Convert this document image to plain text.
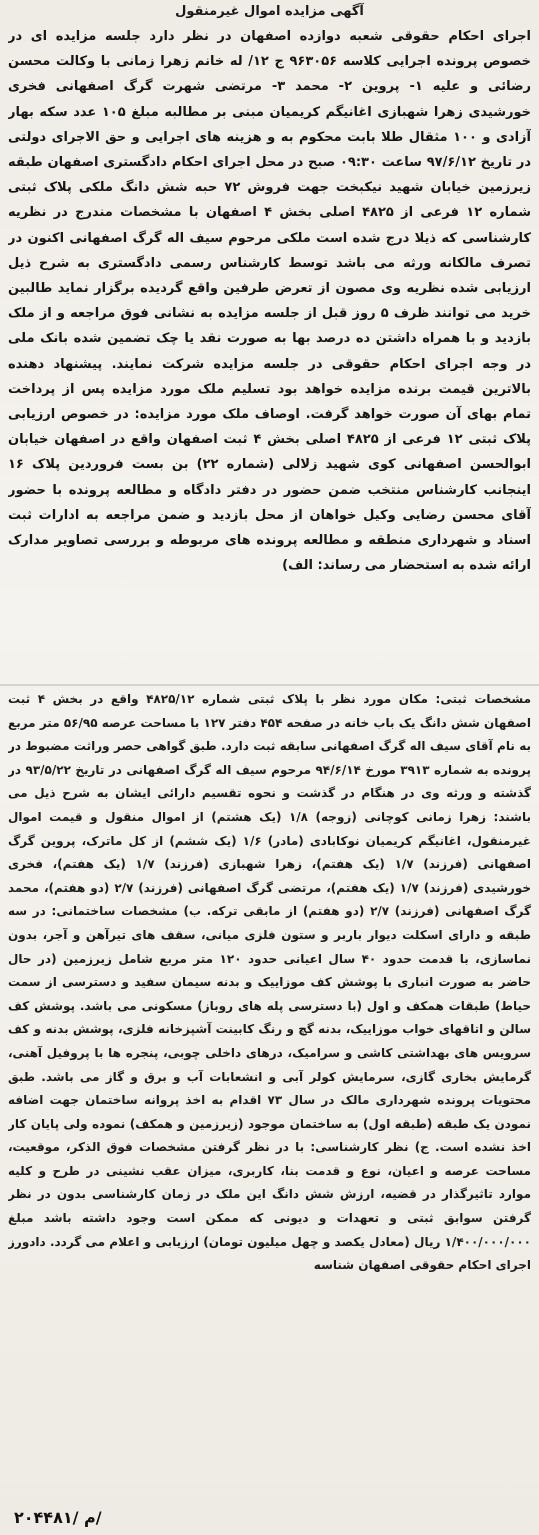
آگهی مزایده اموال غیرمنقول

اجرای احکام حقوقی شعبه دوازده اصفهان در نظر دارد جلسه مزایده ای در خصوص پرونده اجرایی کلاسه ۹۶۳۰۵۶ ج ۱۲/ له خانم زهرا زمانی با وکالت محسن رضائی و علیه ۱- پروین ۲- محمد ۳- مرتضی شهرت گرگ اصفهانی فخری خورشیدی زهرا شهبازی اغانیگم کریمیان مبنی بر مطالبه مبلغ ۱۰۵ عدد سکه بهار آزادی و ۱۰۰ مثقال طلا بابت محکوم به و هزینه های اجرایی و حق الاجرای دولتی در تاریخ ۹۷/۶/۱۲ ساعت ۰۹:۳۰ صبح در محل اجرای احکام دادگستری اصفهان طبقه زیرزمین خیابان شهید نیکبخت جهت فروش ۷۲ حبه شش دانگ ملکی پلاک ثبتی شماره ۱۲ فرعی از ۴۸۲۵ اصلی بخش ۴ اصفهان با مشخصات مندرج در نظریه کارشناسی که ذیلا درج شده است ملکی مرحوم سیف اله گرگ اصفهانی اکنون در تصرف مالکانه ورثه می باشد توسط کارشناس رسمی دادگستری به شرح ذیل ارزیابی شده نظریه وی مصون از تعرض طرفین واقع گردیده برگزار نماید طالبین خرید می توانند ظرف ۵ روز قبل از جلسه مزایده به نشانی فوق مراجعه و از ملک بازدید و با همراه داشتن ده درصد بها به صورت نقد یا چک تضمین شده بانک ملی در وجه اجرای احکام حقوقی در جلسه مزایده شرکت نمایند. پیشنهاد دهنده بالاترین قیمت برنده مزایده خواهد بود تسلیم ملک مورد مزایده پس از پرداخت تمام بهای آن صورت خواهد گرفت. اوصاف ملک مورد مزایده: در خصوص ارزیابی پلاک ثبتی ۱۲ فرعی از ۴۸۲۵ اصلی بخش ۴ ثبت اصفهان واقع در اصفهان خیابان ابوالحسن اصفهانی کوی شهید زلالی (شماره ۲۲) بن بست فروردین پلاک ۱۶ اینجانب کارشناس منتخب ضمن حضور در دفتر دادگاه و مطالعه پرونده با حضور آقای محسن رضایی وکیل خواهان از محل بازدید و ضمن مراجعه به ادارات ثبت اسناد و شهرداری منطقه و مطالعه پرونده های مربوطه و بررسی تصاویر مدارک ارائه شده به استحضار می رساند: الف)

مشخصات ثبتی: مکان مورد نظر با پلاک ثبتی شماره ۴۸۲۵/۱۲ واقع در بخش ۴ ثبت اصفهان شش دانگ یک باب خانه در صفحه ۴۵۴ دفتر ۱۲۷ با مساحت عرصه ۵۶/۹۵ متر مربع به نام آقای سیف اله گرگ اصفهانی سابقه ثبت دارد. طبق گواهی حصر وراثت مضبوط در پرونده به شماره ۳۹۱۳ مورخ ۹۴/۶/۱۴ مرحوم سیف اله گرگ اصفهانی در تاریخ ۹۳/۵/۲۲ در گذشته و ورثه وی در هنگام در گذشت و نحوه تقسیم دارائی ایشان به شرح ذیل می باشند: زهرا زمانی کوچانی (زوجه) ۱/۸ (یک هشتم) از اموال منقول و قیمت اموال غیرمنقول، اغانیگم کریمیان نوکابادی (مادر) ۱/۶ (یک ششم) از کل ماترک، پروین گرگ اصفهانی (فرزند) ۱/۷ (یک هفتم)، زهرا شهبازی (فرزند) ۱/۷ (یک هفتم)، فخری خورشیدی (فرزند) ۱/۷ (یک هفتم)، مرتضی گرگ اصفهانی (فرزند) ۲/۷ (دو هفتم)، محمد گرگ اصفهانی (فرزند) ۲/۷ (دو هفتم) از مابقی ترکه. ب) مشخصات ساختمانی: در سه طبقه و دارای اسکلت دیوار باربر و ستون فلزی میانی، سقف های تیرآهن و آجر، بدون نماسازی، با قدمت حدود ۴۰ سال اعیانی حدود ۱۲۰ متر مربع شامل زیرزمین (در حال حاضر به صورت انباری با پوشش کف موزاییک و بدنه سیمان سفید و دسترسی از سمت حیاط) طبقات همکف و اول (با دسترسی پله های روباز) مسکونی می باشد. پوشش کف سالن و اتاقهای خواب موزاییک، بدنه گچ و رنگ کابینت آشپزخانه فلزی، پوشش بدنه و کف سرویس های بهداشتی کاشی و سرامیک، درهای داخلی چوبی، پنجره ها با پروفیل آهنی، گرمایش بخاری گازی، سرمایش کولر آبی و انشعابات آب و برق و گاز می باشد. طبق محتویات پرونده شهرداری مالک در سال ۷۳ اقدام به اخذ پروانه ساختمان جهت اضافه نمودن یک طبقه (طبقه اول) به ساختمان موجود (زیرزمین و همکف) نموده ولی پایان کار اخذ نشده است. ج) نظر کارشناسی: با در نظر گرفتن مشخصات فوق الذکر، موقعیت، مساحت عرصه و اعیان، نوع و قدمت بنا، کاربری، میزان عقب نشینی در طرح و کلیه موارد تاثیرگذار در قضیه، ارزش شش دانگ این ملک در زمان کارشناسی بدون در نظر گرفتن سوابق ثبتی و تعهدات و دیونی که ممکن است وجود داشته باشد مبلغ ۱/۴۰۰/۰۰۰/۰۰۰ ریال (معادل یکصد و چهل میلیون تومان) ارزیابی و اعلام می گردد. دادورز اجرای احکام حقوقی اصفهان شناسه

۲۰۴۴۸۱/ م/
